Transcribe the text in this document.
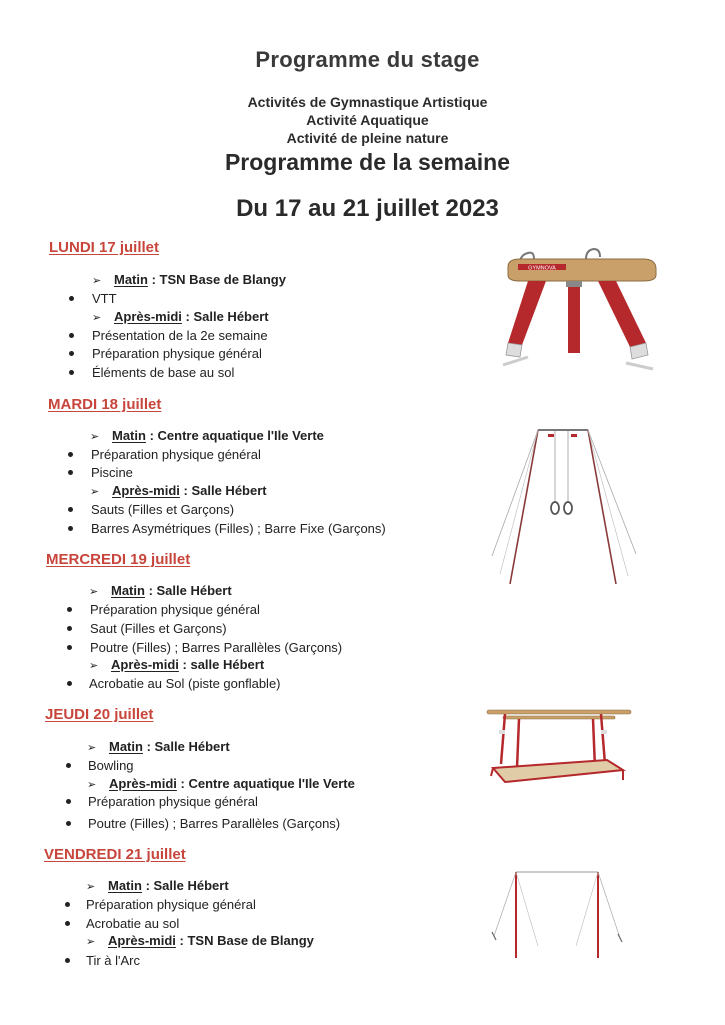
Programme du stage
Activités de Gymnastique Artistique
Activité Aquatique
Activité de pleine nature
Programme de la semaine
Du 17 au 21 juillet 2023
LUNDI 17 juillet
➢ Matin : TSN Base de Blangy
VTT
➢ Après-midi : Salle Hébert
Présentation de la 2e semaine
Préparation physique général
Éléments de base au sol
MARDI 18 juillet
➢ Matin : Centre aquatique l'Ile Verte
Préparation physique général
Piscine
➢ Après-midi : Salle Hébert
Sauts (Filles et Garçons)
Barres Asymétriques (Filles) ; Barre Fixe (Garçons)
MERCREDI 19 juillet
➢ Matin : Salle Hébert
Préparation physique général
Saut (Filles et Garçons)
Poutre (Filles) ; Barres Parallèles (Garçons)
➢ Après-midi : salle Hébert
Acrobatie au Sol (piste gonflable)
JEUDI 20 juillet
➢ Matin : Salle Hébert
Bowling
➢ Après-midi : Centre aquatique l'Ile Verte
Préparation physique général
Poutre (Filles) ; Barres Parallèles (Garçons)
VENDREDI 21 juillet
➢ Matin : Salle Hébert
Préparation physique général
Acrobatie au sol
➢ Après-midi : TSN Base de Blangy
Tir à l'Arc
GYMNOVA
